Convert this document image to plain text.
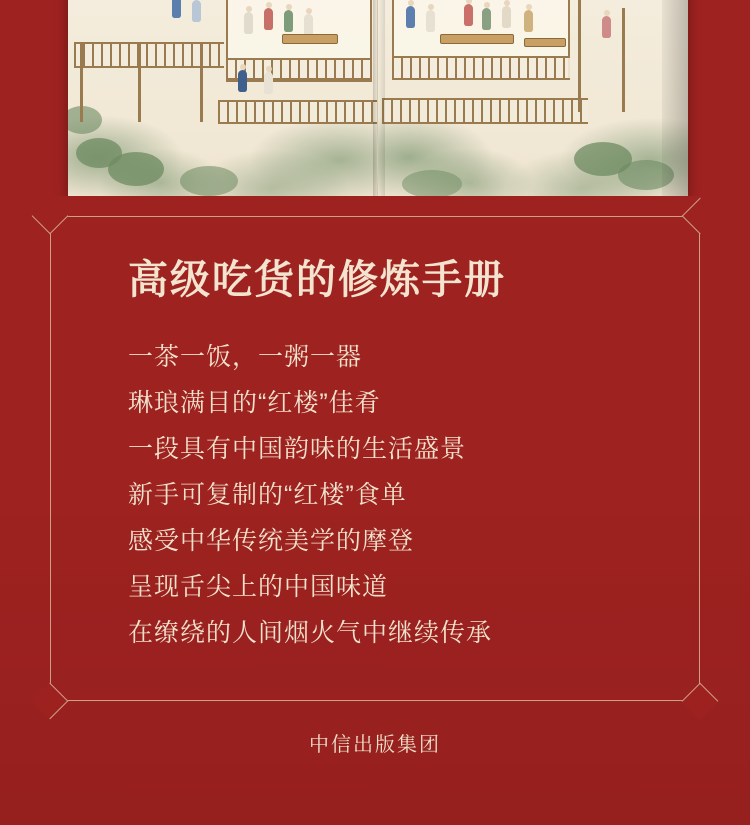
高级吃货的修炼手册
一茶一饭，一粥一器
琳琅满目的“红楼”佳肴
一段具有中国韵味的生活盛景
新手可复制的“红楼”食单
感受中华传统美学的摩登
呈现舌尖上的中国味道
在缭绕的人间烟火气中继续传承
中信出版集团
